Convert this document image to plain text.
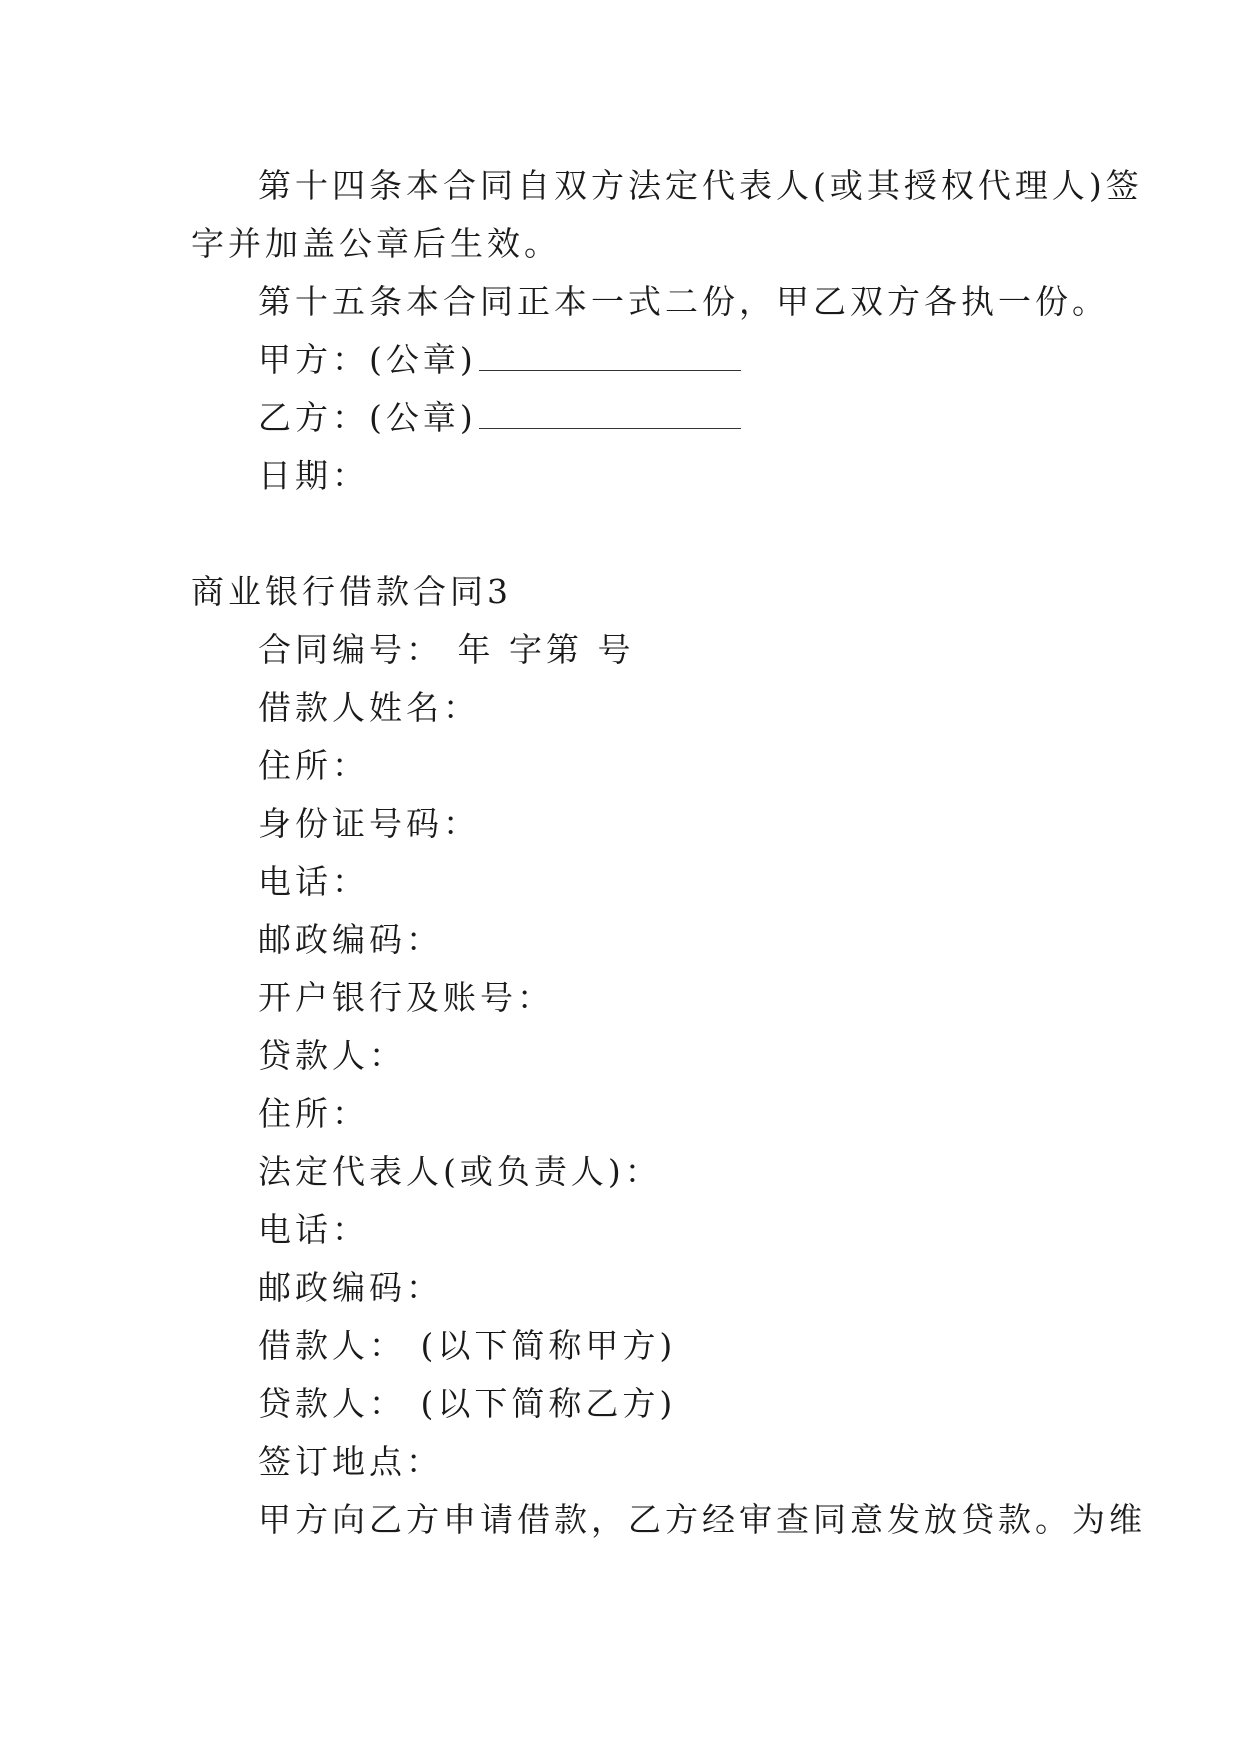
第十四条本合同自双方法定代表人(或其授权代理人)签
字并加盖公章后生效。
第十五条本合同正本一式二份，甲乙双方各执一份。
甲方：(公章)
乙方：(公章)
日期：
商业银行借款合同3
合同编号： 年 字第 号
借款人姓名：
住所：
身份证号码：
电话：
邮政编码：
开户银行及账号：
贷款人：
住所：
法定代表人(或负责人)：
电话：
邮政编码：
借款人： (以下简称甲方)
贷款人： (以下简称乙方)
签订地点：
甲方向乙方申请借款，乙方经审查同意发放贷款。为维
